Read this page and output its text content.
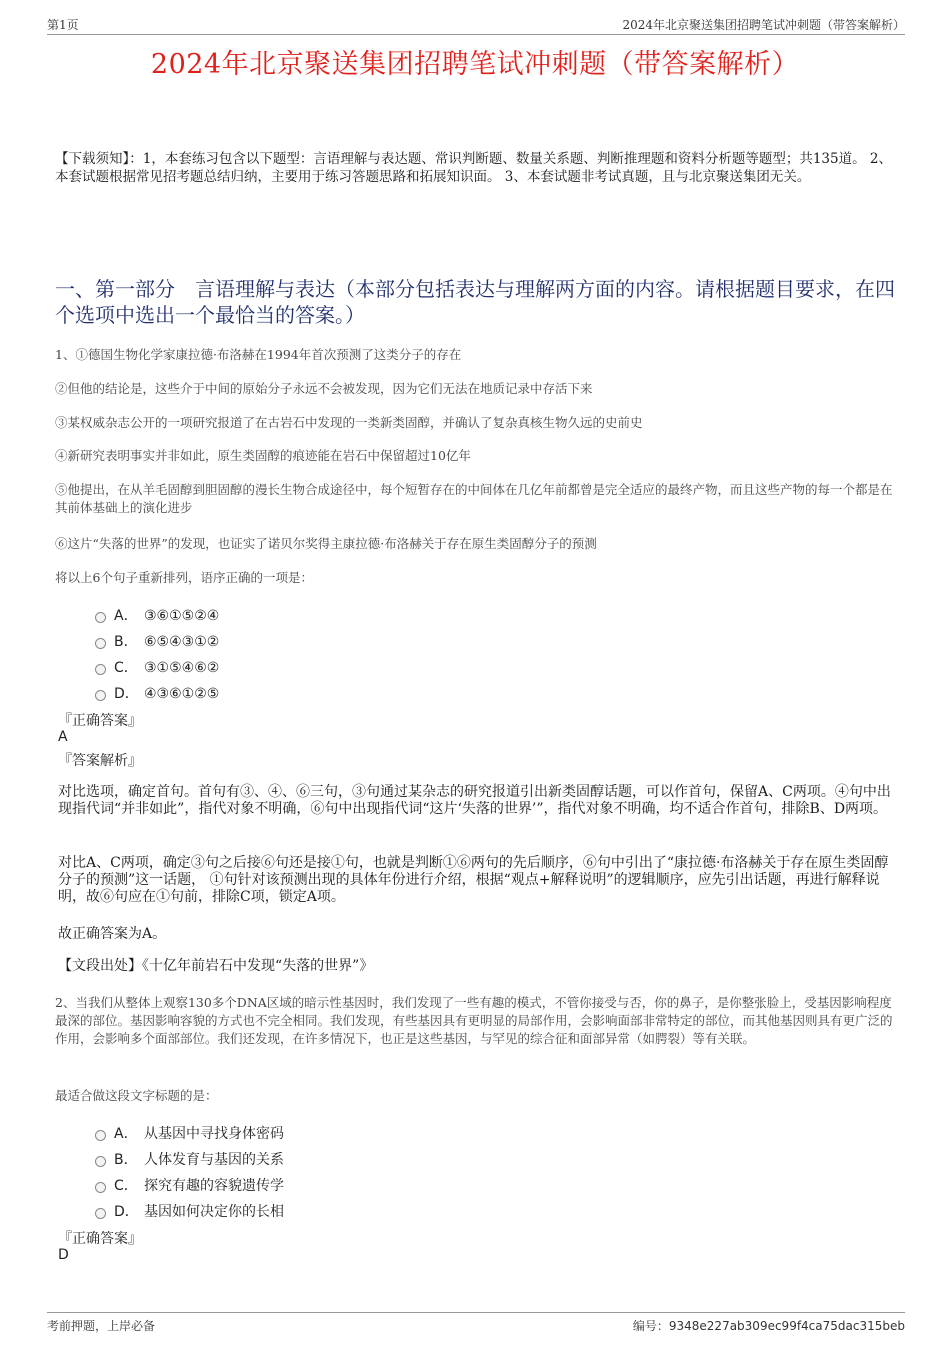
第1页	2024年北京聚送集团招聘笔试冲刺题（带答案解析）
2024年北京聚送集团招聘笔试冲刺题（带答案解析）
【下载须知】：1，本套练习包含以下题型：言语理解与表达题、常识判断题、数量关系题、判断推理题和资料分析题等题型；共135道。 2、本套试题根据常见招考题总结归纳，主要用于练习答题思路和拓展知识面。 3、本套试题非考试真题，且与北京聚送集团无关。
一、第一部分　言语理解与表达（本部分包括表达与理解两方面的内容。请根据题目要求，在四个选项中选出一个最恰当的答案。）
1、①德国生物化学家康拉德·布洛赫在1994年首次预测了这类分子的存在
②但他的结论是，这些介于中间的原始分子永远不会被发现，因为它们无法在地质记录中存活下来
③某权威杂志公开的一项研究报道了在古岩石中发现的一类新类固醇，并确认了复杂真核生物久远的史前史
④新研究表明事实并非如此，原生类固醇的痕迹能在岩石中保留超过10亿年
⑤他提出，在从羊毛固醇到胆固醇的漫长生物合成途径中，每个短暂存在的中间体在几亿年前都曾是完全适应的最终产物，而且这些产物的每一个都是在其前体基础上的演化进步
⑥这片“失落的世界”的发现，也证实了诺贝尔奖得主康拉德·布洛赫关于存在原生类固醇分子的预测
将以上6个句子重新排列，语序正确的一项是：
A． ③⑥①⑤②④
B． ⑥⑤④③①②
C． ③①⑤④⑥②
D． ④③⑥①②⑤
『正确答案』
A
『答案解析』
对比选项，确定首句。首句有③、④、⑥三句，③句通过某杂志的研究报道引出新类固醇话题，可以作首句，保留A、C两项。④句中出现指代词“并非如此”，指代对象不明确，⑥句中出现指代词“这片‘失落的世界’”，指代对象不明确，均不适合作首句，排除B、D两项。
对比A、C两项，确定③句之后接⑥句还是接①句，也就是判断①⑥两句的先后顺序，⑥句中引出了“康拉德·布洛赫关于存在原生类固醇分子的预测”这一话题， ①句针对该预测出现的具体年份进行介绍，根据“观点+解释说明”的逻辑顺序，应先引出话题，再进行解释说明，故⑥句应在①句前，排除C项，锁定A项。
故正确答案为A。
【文段出处】《十亿年前岩石中发现“失落的世界”》
2、当我们从整体上观察130多个DNA区域的暗示性基因时，我们发现了一些有趣的模式，不管你接受与否，你的鼻子，是你整张脸上，受基因影响程度最深的部位。基因影响容貌的方式也不完全相同。我们发现，有些基因具有更明显的局部作用，会影响面部非常特定的部位，而其他基因则具有更广泛的作用，会影响多个面部部位。我们还发现，在许多情况下，也正是这些基因，与罕见的综合征和面部异常（如腭裂）等有关联。
最适合做这段文字标题的是：
A． 从基因中寻找身体密码
B． 人体发育与基因的关系
C． 探究有趣的容貌遗传学
D． 基因如何决定你的长相
『正确答案』
D
考前押题，上岸必备	编号：9348e227ab309ec99f4ca75dac315beb
